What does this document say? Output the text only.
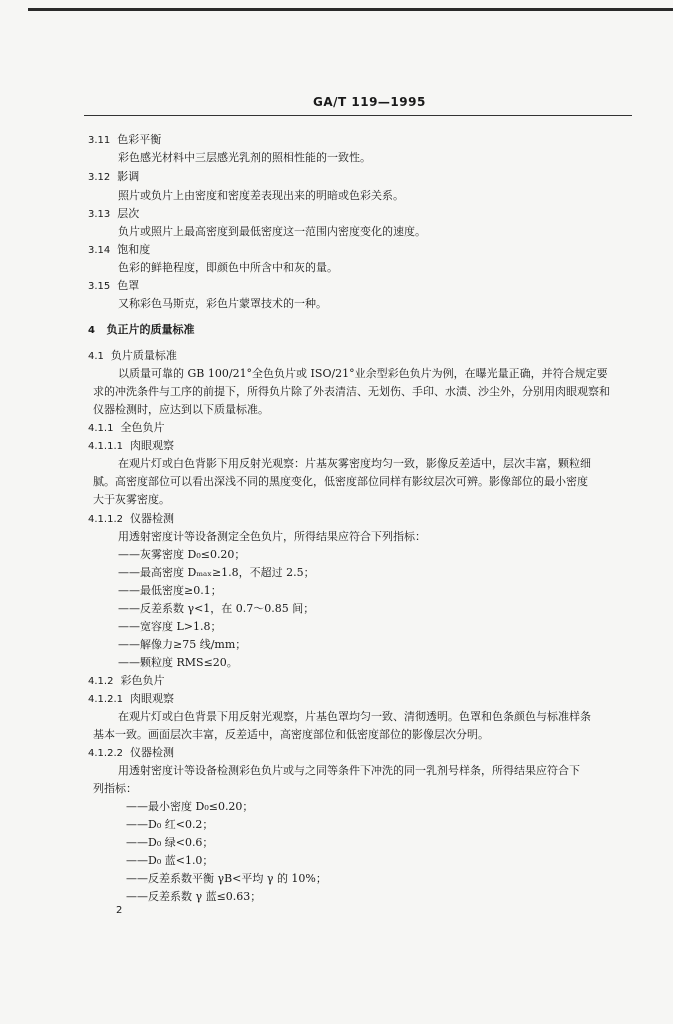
GA/T 119—1995
3.11 色彩平衡
彩色感光材料中三层感光乳剂的照相性能的一致性。
3.12 影调
照片或负片上由密度和密度差表现出来的明暗或色彩关系。
3.13 层次
负片或照片上最高密度到最低密度这一范围内密度变化的速度。
3.14 饱和度
色彩的鲜艳程度，即颜色中所含中和灰的量。
3.15 色罩
又称彩色马斯克，彩色片蒙罩技术的一种。
4 负正片的质量标准
4.1 负片质量标准
以质量可靠的 GB 100/21°全色负片或 ISO/21°业余型彩色负片为例，在曝光量正确，并符合规定要
求的冲洗条件与工序的前提下，所得负片除了外表清洁、无划伤、手印、水渍、沙尘外，分别用肉眼观察和
仪器检测时，应达到以下质量标准。
4.1.1 全色负片
4.1.1.1 肉眼观察
在观片灯或白色背影下用反射光观察：片基灰雾密度均匀一致，影像反差适中，层次丰富，颗粒细
腻。高密度部位可以看出深浅不同的黑度变化，低密度部位同样有影纹层次可辨。影像部位的最小密度
大于灰雾密度。
4.1.1.2 仪器检测
用透射密度计等设备测定全色负片，所得结果应符合下列指标：
——灰雾密度 D₀≤0.20；
——最高密度 Dₘₐₓ≥1.8，不超过 2.5；
——最低密度≥0.1；
——反差系数 γ<1，在 0.7～0.85 间；
——宽容度 L>1.8；
——解像力≥75 线/mm；
——颗粒度 RMS≤20。
4.1.2 彩色负片
4.1.2.1 肉眼观察
在观片灯或白色背景下用反射光观察，片基色罩均匀一致、清彻透明。色罩和色条颜色与标准样条
基本一致。画面层次丰富，反差适中，高密度部位和低密度部位的影像层次分明。
4.1.2.2 仪器检测
用透射密度计等设备检测彩色负片或与之同等条件下冲洗的同一乳剂号样条，所得结果应符合下
列指标：
——最小密度 D₀≤0.20；
——D₀ 红<0.2；
——D₀ 绿<0.6；
——D₀ 蓝<1.0；
——反差系数平衡 γB<平均 γ 的 10%；
——反差系数 γ 蓝≤0.63；
2
